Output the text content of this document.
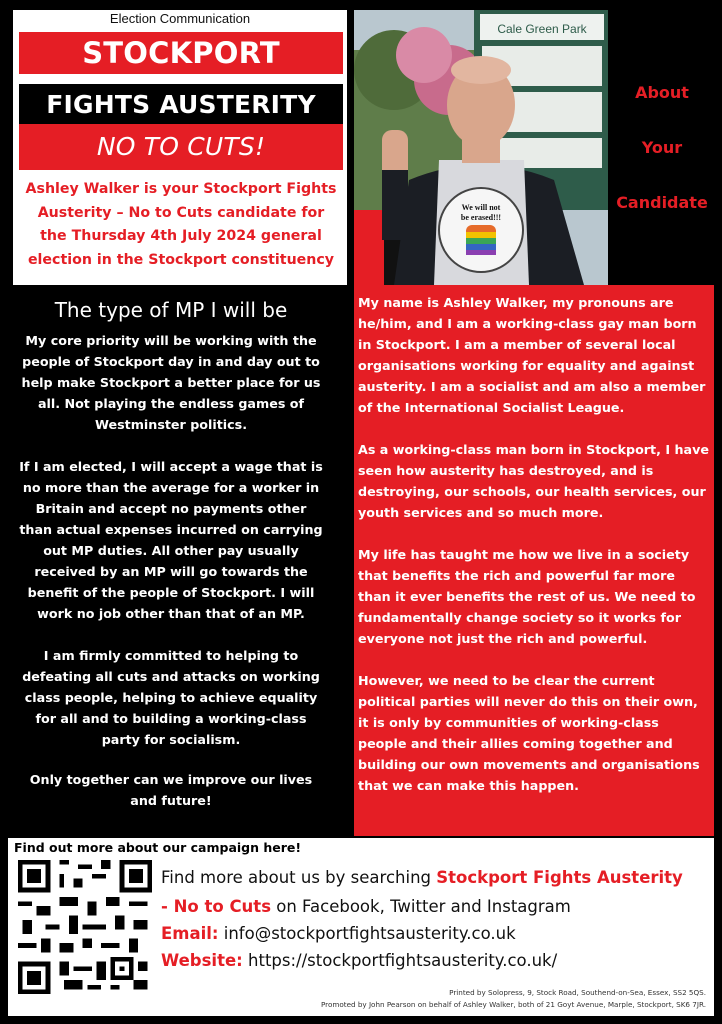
Election Communication
STOCKPORT
FIGHTS AUSTERITY
NO TO CUTS!
Ashley Walker is your Stockport Fights
Austerity – No to Cuts candidate for
the Thursday 4th July 2024 general
election in the Stockport constituency
Cale Green Park
We will not
be erased!!!
About
Your
Candidate
The type of MP I will be
My core priority will be working with the
people of Stockport day in and day out to
help make Stockport a better place for us
all. Not playing the endless games of
Westminster politics.
If I am elected, I will accept a wage that is
no more than the average for a worker in
Britain and accept no payments other
than actual expenses incurred on carrying
out MP duties. All other pay usually
received by an MP will go towards the
benefit of the people of Stockport. I will
work no job other than that of an MP.
I am firmly committed to helping to
defeating all cuts and attacks on working
class people, helping to achieve equality
for all and to building a working-class
party for socialism.
Only together can we improve our lives
and future!
My name is Ashley Walker, my pronouns are
he/him, and I am a working-class gay man born
in Stockport. I am a member of several local
organisations working for equality and against
austerity. I am a socialist and am also a member
of the International Socialist League.
As a working-class man born in Stockport, I have
seen how austerity has destroyed, and is
destroying, our schools, our health services, our
youth services and so much more.
My life has taught me how we live in a society
that benefits the rich and powerful far more
than it ever benefits the rest of us. We need to
fundamentally change society so it works for
everyone not just the rich and powerful.
However, we need to be clear the current
political parties will never do this on their own,
it is only by communities of working-class
people and their allies coming together and
building our own movements and organisations
that we can make this happen.
Find out more about our campaign here!
Find more about us by searching Stockport Fights Austerity
- No to Cuts on Facebook, Twitter and Instagram
Email: info@stockportfightsausterity.co.uk
Website: https://stockportfightsausterity.co.uk/
Printed by Solopress, 9, Stock Road, Southend-on-Sea, Essex, SS2 5QS.
Promoted by John Pearson on behalf of Ashley Walker, both of 21 Goyt Avenue, Marple, Stockport, SK6 7JR.
